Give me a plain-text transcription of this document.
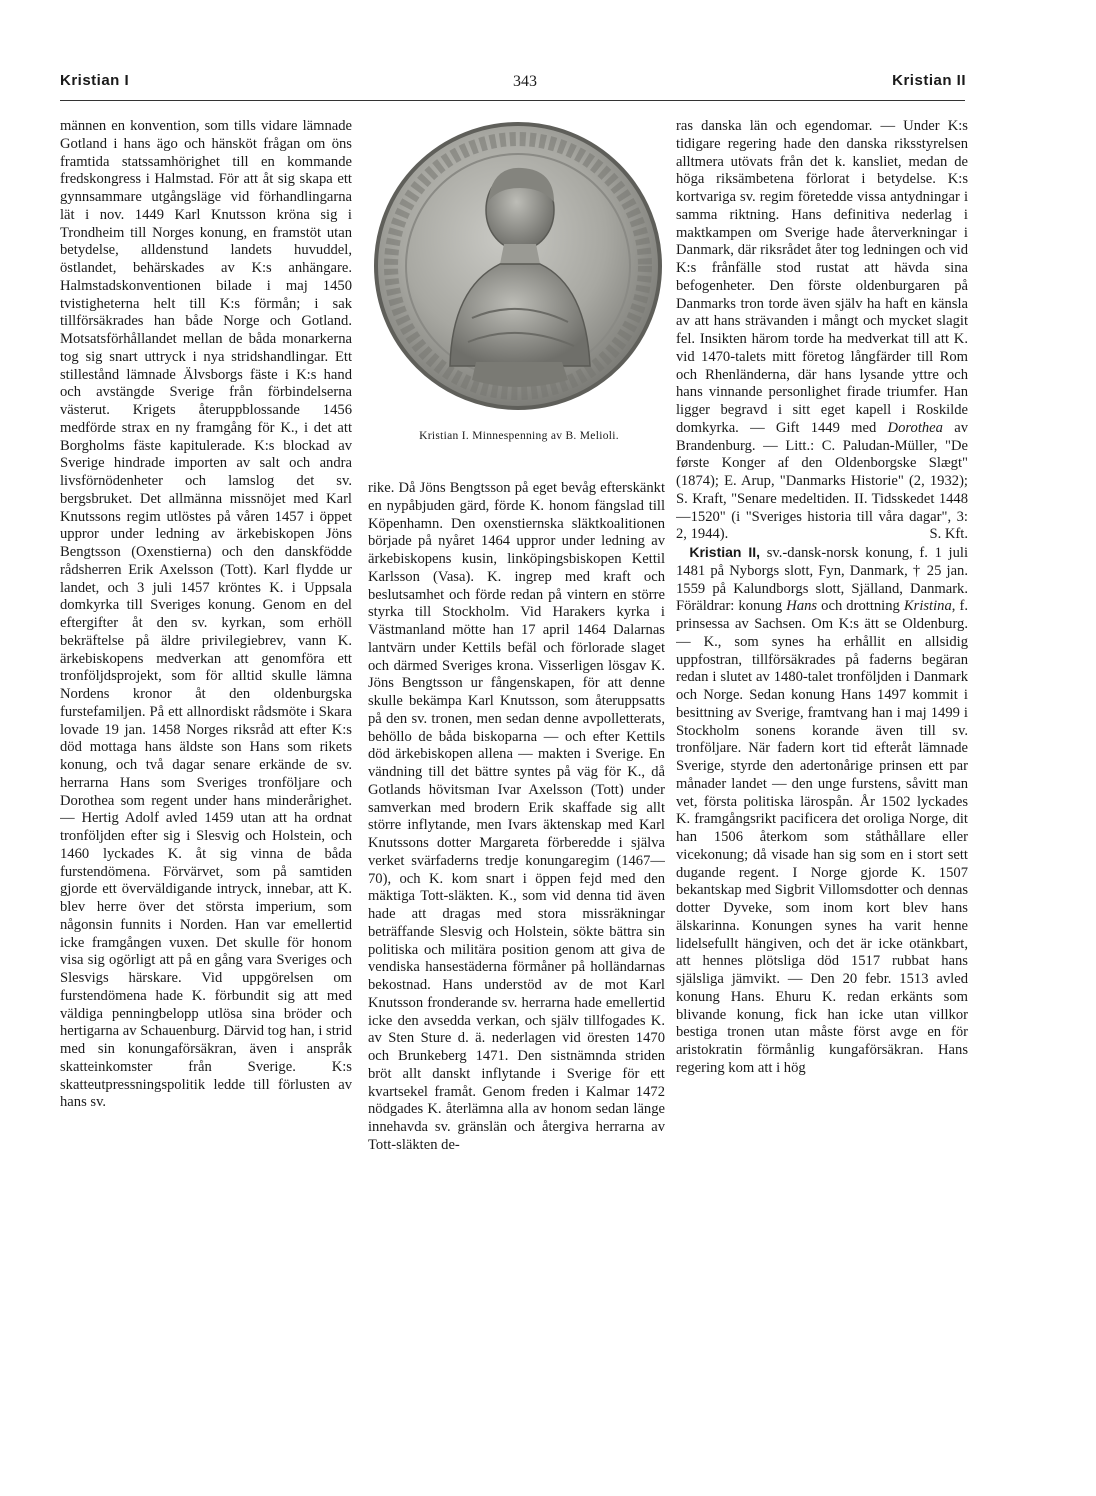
Kristian I	343	Kristian II

männen en konvention, som tills vidare lämnade Gotland i hans ägo och hänsköt frågan om öns framtida statssamhörighet till en kommande fredskongress i Halmstad. För att åt sig skapa ett gynnsammare utgångsläge vid förhandlingarna lät i nov. 1449 Karl Knutsson kröna sig i Trondheim till Norges konung, en framstöt utan betydelse, alldenstund landets huvuddel, östlandet, behärskades av K:s anhängare. Halmstadskonventionen bilade i maj 1450 tvistigheterna helt till K:s förmån; i sak tillförsäkrades han både Norge och Gotland. Motsatsförhållandet mellan de båda monarkerna tog sig snart uttryck i nya stridshandlingar. Ett stillestånd lämnade Älvsborgs fäste i K:s hand och avstängde Sverige från förbindelserna västerut. Krigets återuppblossande 1456 medförde strax en ny framgång för K., i det att Borgholms fäste kapitulerade. K:s blockad av Sverige hindrade importen av salt och andra livsförnödenheter och lamslog det sv. bergsbruket. Det allmänna missnöjet med Karl Knutssons regim utlöstes på våren 1457 i öppet uppror under ledning av ärkebiskopen Jöns Bengtsson (Oxenstierna) och den danskfödde rådsherren Erik Axelsson (Tott). Karl flydde ur landet, och 3 juli 1457 kröntes K. i Uppsala domkyrka till Sveriges konung. Genom en del eftergifter åt den sv. kyrkan, som erhöll bekräftelse på äldre privilegiebrev, vann K. ärkebiskopens medverkan att genomföra ett tronföljdsprojekt, som för alltid skulle lämna Nordens kronor åt den oldenburgska furstefamiljen. På ett allnordiskt rådsmöte i Skara lovade 19 jan. 1458 Norges riksråd att efter K:s död mottaga hans äldste son Hans som rikets konung, och två dagar senare erkände de sv. herrarna Hans som Sveriges tronföljare och Dorothea som regent under hans minderårighet. — Hertig Adolf avled 1459 utan att ha ordnat tronföljden efter sig i Slesvig och Holstein, och 1460 lyckades K. åt sig vinna de båda furstendömena. Förvärvet, som på samtiden gjorde ett överväldigande intryck, innebar, att K. blev herre över det största imperium, som någonsin funnits i Norden. Han var emellertid icke framgången vuxen. Det skulle för honom visa sig ogörligt att på en gång vara Sveriges och Slesvigs härskare. Vid uppgörelsen om furstendömena hade K. förbundit sig att med väldiga penningbelopp utlösa sina bröder och hertigarna av Schauenburg. Därvid tog han, i strid med sin konungaförsäkran, även i anspråk skatteinkomster från Sverige. K:s skatteutpressningspolitik ledde till förlusten av hans sv.

Kristian I. Minnespenning av B. Melioli.

rike. Då Jöns Bengtsson på eget bevåg efterskänkt en nypåbjuden gärd, förde K. honom fängslad till Köpenhamn. Den oxenstiernska släktkoalitionen började på nyåret 1464 uppror under ledning av ärkebiskopens kusin, linköpingsbiskopen Kettil Karlsson (Vasa). K. ingrep med kraft och beslutsamhet och förde redan på vintern en större styrka till Stockholm. Vid Harakers kyrka i Västmanland mötte han 17 april 1464 Dalarnas lantvärn under Kettils befäl och förlorade slaget och därmed Sveriges krona. Visserligen lösgav K. Jöns Bengtsson ur fångenskapen, för att denne skulle bekämpa Karl Knutsson, som återuppsatts på den sv. tronen, men sedan denne avpolletterats, behöllo de båda biskoparna — och efter Kettils död ärkebiskopen allena — makten i Sverige. En vändning till det bättre syntes på väg för K., då Gotlands hövitsman Ivar Axelsson (Tott) under samverkan med brodern Erik skaffade sig allt större inflytande, men Ivars äktenskap med Karl Knutssons dotter Margareta förberedde i själva verket svärfaderns tredje konungaregim (1467—70), och K. kom snart i öppen fejd med den mäktiga Tott-släkten. K., som vid denna tid även hade att dragas med stora missräkningar beträffande Slesvig och Holstein, sökte bättra sin politiska och militära position genom att giva de vendiska hansestäderna förmåner på holländarnas bekostnad. Hans understöd av de mot Karl Knutsson fronderande sv. herrarna hade emellertid icke den avsedda verkan, och själv tillfogades K. av Sten Sture d. ä. nederlagen vid öresten 1470 och Brunkeberg 1471. Den sistnämnda striden bröt allt danskt inflytande i Sverige för ett kvartsekel framåt. Genom freden i Kalmar 1472 nödgades K. återlämna alla av honom sedan länge innehavda sv. gränslän och återgiva herrarna av Tott-släkten de-

ras danska län och egendomar. — Under K:s tidigare regering hade den danska riksstyrelsen alltmera utövats från det k. kansliet, medan de höga riksämbetena förlorat i betydelse. K:s kortvariga sv. regim företedde vissa antydningar i samma riktning. Hans definitiva nederlag i maktkampen om Sverige hade återverkningar i Danmark, där riksrådet åter tog ledningen och vid K:s frånfälle stod rustat att hävda sina befogenheter. Den förste oldenburgaren på Danmarks tron torde även själv ha haft en känsla av att hans strävanden i mångt och mycket slagit fel. Insikten härom torde ha medverkat till att K. vid 1470-talets mitt företog långfärder till Rom och Rhenländerna, där hans lysande yttre och hans vinnande personlighet firade triumfer. Han ligger begravd i sitt eget kapell i Roskilde domkyrka. — Gift 1449 med Dorothea av Brandenburg. — Litt.: C. Paludan-Müller, "De første Konger af den Oldenborgske Slægt" (1874); E. Arup, "Danmarks Historie" (2, 1932); S. Kraft, "Senare medeltiden. II. Tidsskedet 1448—1520" (i "Sveriges historia till våra dagar", 3: 2, 1944).	S. Kft.

Kristian II, sv.-dansk-norsk konung, f. 1 juli 1481 på Nyborgs slott, Fyn, Danmark, † 25 jan. 1559 på Kalundborgs slott, Själland, Danmark. Föräldrar: konung Hans och drottning Kristina, f. prinsessa av Sachsen. Om K:s ätt se Oldenburg. — K., som synes ha erhållit en allsidig uppfostran, tillförsäkrades på faderns begäran redan i slutet av 1480-talet tronföljden i Danmark och Norge. Sedan konung Hans 1497 kommit i besittning av Sverige, framtvang han i maj 1499 i Stockholm sonens korande även till sv. tronföljare. När fadern kort tid efteråt lämnade Sverige, styrde den adertonårige prinsen ett par månader landet — den unge furstens, såvitt man vet, första politiska lärospån. År 1502 lyckades K. framgångsrikt pacificera det oroliga Norge, dit han 1506 återkom som ståthållare eller vicekonung; då visade han sig som en i stort sett dugande regent. I Norge gjorde K. 1507 bekantskap med Sigbrit Villomsdotter och dennas dotter Dyveke, som inom kort blev hans älskarinna. Konungen synes ha varit henne lidelsefullt hängiven, och det är icke otänkbart, att hennes plötsliga död 1517 rubbat hans själsliga jämvikt. — Den 20 febr. 1513 avled konung Hans. Ehuru K. redan erkänts som blivande konung, fick han icke utan villkor bestiga tronen utan måste först avge en för aristokratin förmånlig kungaförsäkran. Hans regering kom att i hög
